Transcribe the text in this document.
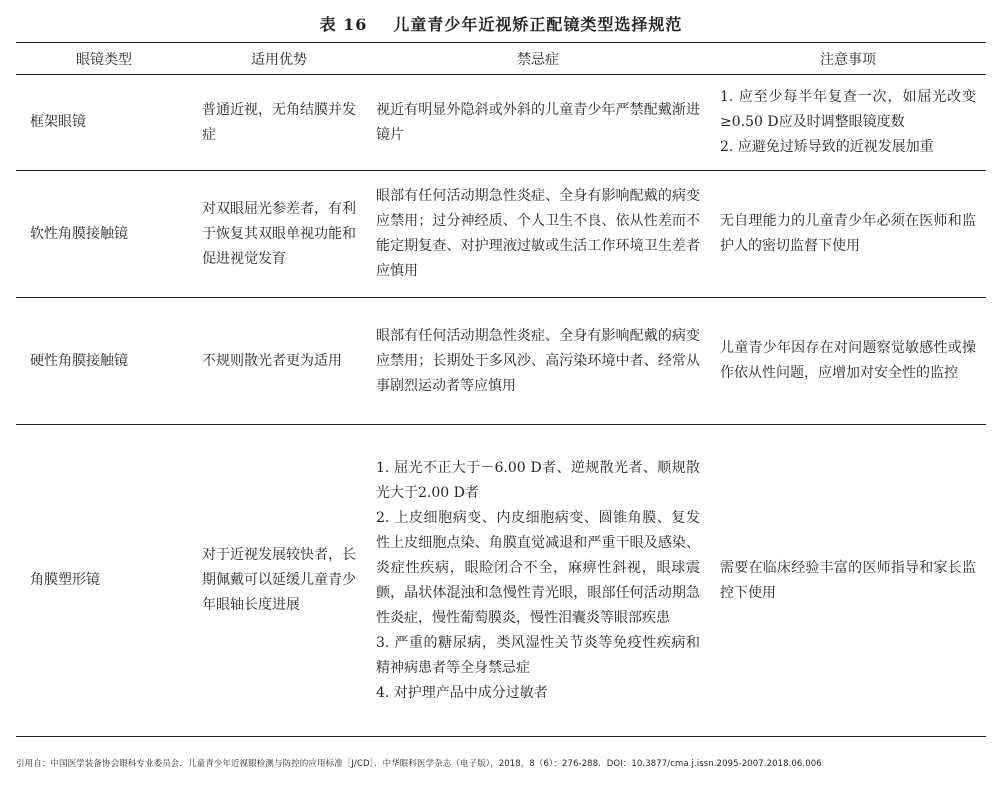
表 16 儿童青少年近视矫正配镜类型选择规范
眼镜类型	适用优势	禁忌症	注意事项
框架眼镜	普通近视，无角结膜并发症	视近有明显外隐斜或外斜的儿童青少年严禁配戴渐进镜片	1. 应至少每半年复查一次，如屈光改变≥0.50 D应及时调整眼镜度数
2. 应避免过矫导致的近视发展加重

软性角膜接触镜	对双眼屈光参差者，有利于恢复其双眼单视功能和促进视觉发育	眼部有任何活动期急性炎症、全身有影响配戴的病变应禁用；过分神经质、个人卫生不良、依从性差而不能定期复查、对护理液过敏或生活工作环境卫生差者应慎用	无自理能力的儿童青少年必须在医师和监护人的密切监督下使用

硬性角膜接触镜	不规则散光者更为适用	眼部有任何活动期急性炎症、全身有影响配戴的病变应禁用；长期处于多风沙、高污染环境中者、经常从事剧烈运动者等应慎用	儿童青少年因存在对问题察觉敏感性或操作依从性问题，应增加对安全性的监控

角膜塑形镜	对于近视发展较快者，长期佩戴可以延缓儿童青少年眼轴长度进展	1. 屈光不正大于－6.00 D者、逆规散光者、顺规散光大于2.00 D者
2. 上皮细胞病变、内皮细胞病变、圆锥角膜、复发性上皮细胞点染、角膜直觉减退和严重干眼及感染、炎症性疾病，眼睑闭合不全，麻痹性斜视，眼球震颤，晶状体混浊和急慢性青光眼，眼部任何活动期急性炎症，慢性葡萄膜炎，慢性泪囊炎等眼部疾患
3. 严重的糖尿病，类风湿性关节炎等免疫性疾病和精神病患者等全身禁忌症
4. 对护理产品中成分过敏者	需要在临床经验丰富的医师指导和家长监控下使用
引用自：中国医学装备协会眼科专业委员会．儿童青少年近视眼检测与防控的应用标准［J/CD］．中华眼科医学杂志（电子版），2018，8（6）：276-288．DOI：10.3877/cma.j.issn.2095-2007.2018.06.006
